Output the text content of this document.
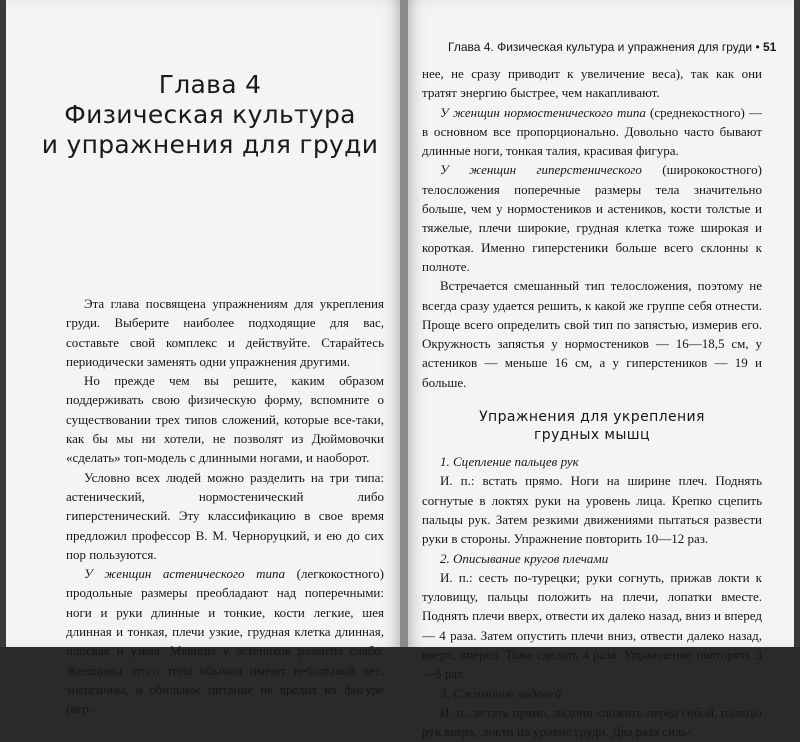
Глава 4
Физическая культура
и упражнения для груди

Эта глава посвящена упражнениям для укрепления груди. Выберите наиболее подходящие для вас, составьте свой комплекс и действуйте. Старайтесь периодически заменять одни упражнения другими.

Но прежде чем вы решите, каким образом поддерживать свою физическую форму, вспомните о существовании трех типов сложений, которые все-таки, как бы мы ни хотели, не позволят из Дюймовочки «сделать» топ-модель с длинными ногами, и наоборот.

Условно всех людей можно разделить на три типа: астенический, нормостенический либо гиперстенический. Эту классификацию в свое время предложил профессор В. М. Черноруцкий, и ею до сих пор пользуются.

У женщин астенического типа (легкокостного) продольные размеры преобладают над поперечными: ноги и руки длинные и тонкие, кости легкие, шея длинная и тонкая, плечи узкие, грудная клетка длинная, плоская и узкая. Мышцы у астеников развиты слабо. Женщины этого типа обычно имеют небольшой вес, энергичны, и обильное питание не вредит их фигуре (вер-

Глава 4. Физическая культура и упражнения для груди • 51

нее, не сразу приводит к увеличение веса), так как они тратят энергию быстрее, чем накапливают.

У женщин нормостенического типа (среднекостного) — в основном все пропорционально. Довольно часто бывают длинные ноги, тонкая талия, красивая фигура.

У женщин гиперстенического (ширококостного) телосложения поперечные размеры тела значительно больше, чем у нормостеников и астеников, кости толстые и тяжелые, плечи широкие, грудная клетка тоже широкая и короткая. Именно гиперстеники больше всего склонны к полноте.

Встречается смешанный тип телосложения, поэтому не всегда сразу удается решить, к какой же группе себя отнести. Проще всего определить свой тип по запястью, измерив его. Окружность запястья у нормостеников — 16—18,5 см, у астеников — меньше 16 см, а у гиперстеников — 19 и больше.

Упражнения для укрепления
грудных мышц

1. Сцепление пальцев рук

И. п.: встать прямо. Ноги на ширине плеч. Поднять согнутые в локтях руки на уровень лица. Крепко сцепить пальцы рук. Затем резкими движениями пытаться развести руки в стороны. Упражнение повторить 10—12 раз.

2. Описывание кругов плечами

И. п.: сесть по-турецки; руки согнуть, прижав локти к туловищу, пальцы положить на плечи, лопатки вместе. Поднять плечи вверх, отвести их далеко назад, вниз и вперед — 4 раза. Затем опустить плечи вниз, отвести далеко назад, вверх, вперед. Тоже сделать 4 раза. Упражнение повторять 3—5 раз.

3. Сжимание ладоней

И. п.: встать прямо, ладони сложить перед собой, пальцы рук вверх, локти на уровне груди. Два раза силь-
